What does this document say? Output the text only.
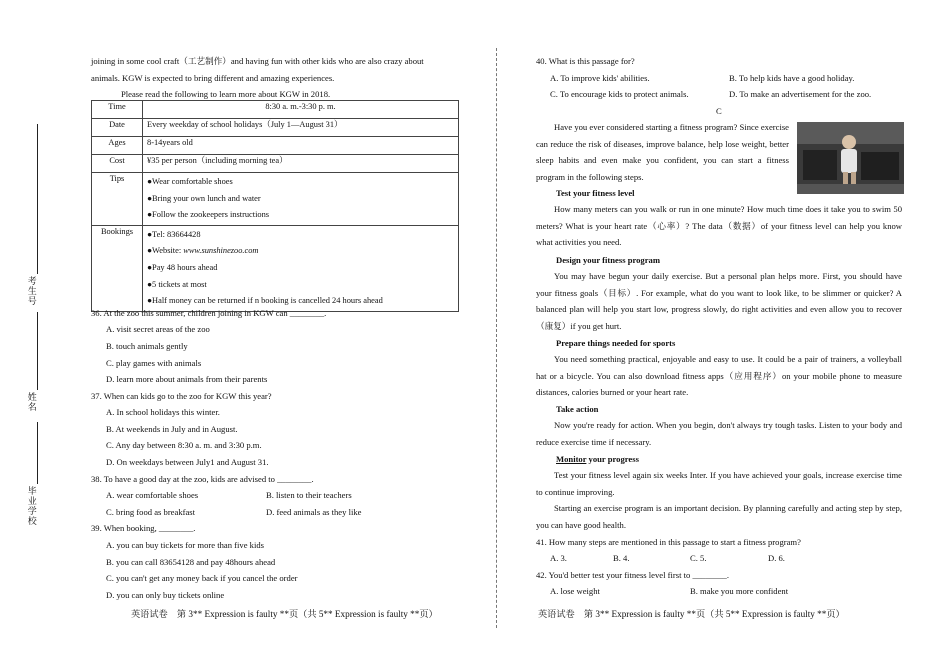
考生号
姓名
毕业学校
joining in some cool craft（工艺制作）and having fun with other kids who are also crazy about
animals. KGW is expected to bring different and amazing experiences.
Please read the following to learn more about KGW in 2018.
Time	8:30 a. m.-3:30 p. m.
Date	Every weekday of school holidays（July 1—August 31）
Ages	8-14years old
Cost	¥35 per person（including morning tea）
Tips	●Wear comfortable shoes
●Bring your own lunch and water
●Follow the zookeepers instructions

Bookings	●Tel: 83664428
●Website: www.sunshinezoo.com
●Pay 48 hours ahead
●5 tickets at most
●Half money can be returned if n booking is cancelled 24 hours ahead
36. At the zoo this summer, children joining in KGW can ________.
A. visit secret areas of the zoo
B. touch animals gently
C. play games with animals
D. learn more about animals from their parents
37. When can kids go to the zoo for KGW this year?
A. In school holidays this winter.
B. At weekends in July and in August.
C. Any day between 8:30 a. m. and 3:30 p.m.
D. On weekdays between July1 and August 31.
38. To have a good day at the zoo, kids are advised to ________.
A. wear comfortable shoes	B. listen to their teachers
C. bring food as breakfast	D. feed animals as they like
39. When booking, ________.
A. you can buy tickets for more than five kids
B. you can call 83654128 and pay 48hours ahead
C. you can't get any money back if you cancel the order
D. you can only buy tickets online
英语试卷　第 3** Expression is faulty **页（共 5** Expression is faulty **页）
40. What is this passage for?
A. To improve kids' abilities.	B. To help kids have a good holiday.
C. To encourage kids to protect animals.	D. To make an advertisement for the zoo.
C
Have you ever considered starting a fitness program? Since exercise can reduce the risk of diseases, improve balance, help lose weight, better sleep habits and even make you confident, you can start a fitness program in the following steps.
Test your fitness level
How many meters can you walk or run in one minute? How much time does it take you to swim 50 meters? What is your heart rate（心率）? The data（数据）of your fitness level can help you know what activities you need.
Design your fitness program
You may have begun your daily exercise. But a personal plan helps more. First, you should have your fitness goals（目标）. For example, what do you want to look like, to be slimmer or quicker? A balanced plan will help you start low, progress slowly, do right activities and even allow you to recover（康复）if you get hurt.
Prepare things needed for sports
You need something practical, enjoyable and easy to use. It could be a pair of trainers, a volleyball hat or a bicycle. You can also download fitness apps（应用程序）on your mobile phone to measure distances, calories burned or your heart rate.
Take action
Now you're ready for action. When you begin, don't always try tough tasks. Listen to your body and reduce exercise time if necessary.
Monitor your progress
Test your fitness level again six weeks Inter. If you have achieved your goals, increase exercise time to continue improving.
Starting an exercise program is an important decision. By planning carefully and acting step by step, you can have good health.
41. How many steps are mentioned in this passage to start a fitness program?
A. 3.	B. 4.	C. 5.	D. 6.
42. You'd better test your fitness level first to ________.
A. lose weight	B. make you more confident
英语试卷　第 3** Expression is faulty **页（共 5** Expression is faulty **页）
